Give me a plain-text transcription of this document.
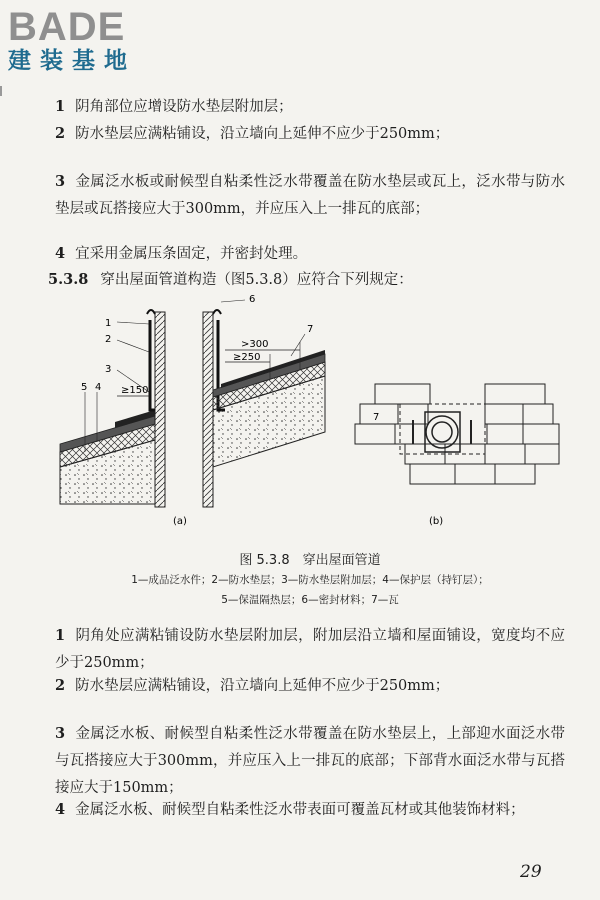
BADE
建装基地
1 阴角部位应增设防水垫层附加层；
2 防水垫层应满粘铺设，沿立墙向上延伸不应少于250mm；
3 金属泛水板或耐候型自粘柔性泛水带覆盖在防水垫层或瓦上，泛水带与防水垫层或瓦搭接应大于300mm，并应压入上一排瓦的底部；
4 宜采用金属压条固定，并密封处理。
5.3.8 穿出屋面管道构造（图5.3.8）应符合下列规定：
1
2
3
4
5
6
7
>300
≥250
≥150
(a)
7
(b)
图 5.3.8　穿出屋面管道
1—成品泛水件；2—防水垫层；3—防水垫层附加层；4—保护层（持钉层）；
5—保温隔热层；6—密封材料；7—瓦
1 阴角处应满粘铺设防水垫层附加层，附加层沿立墙和屋面铺设，宽度均不应少于250mm；
2 防水垫层应满粘铺设，沿立墙向上延伸不应少于250mm；
3 金属泛水板、耐候型自粘柔性泛水带覆盖在防水垫层上，上部迎水面泛水带与瓦搭接应大于300mm，并应压入上一排瓦的底部；下部背水面泛水带与瓦搭接应大于150mm；
4 金属泛水板、耐候型自粘柔性泛水带表面可覆盖瓦材或其他装饰材料；
29
